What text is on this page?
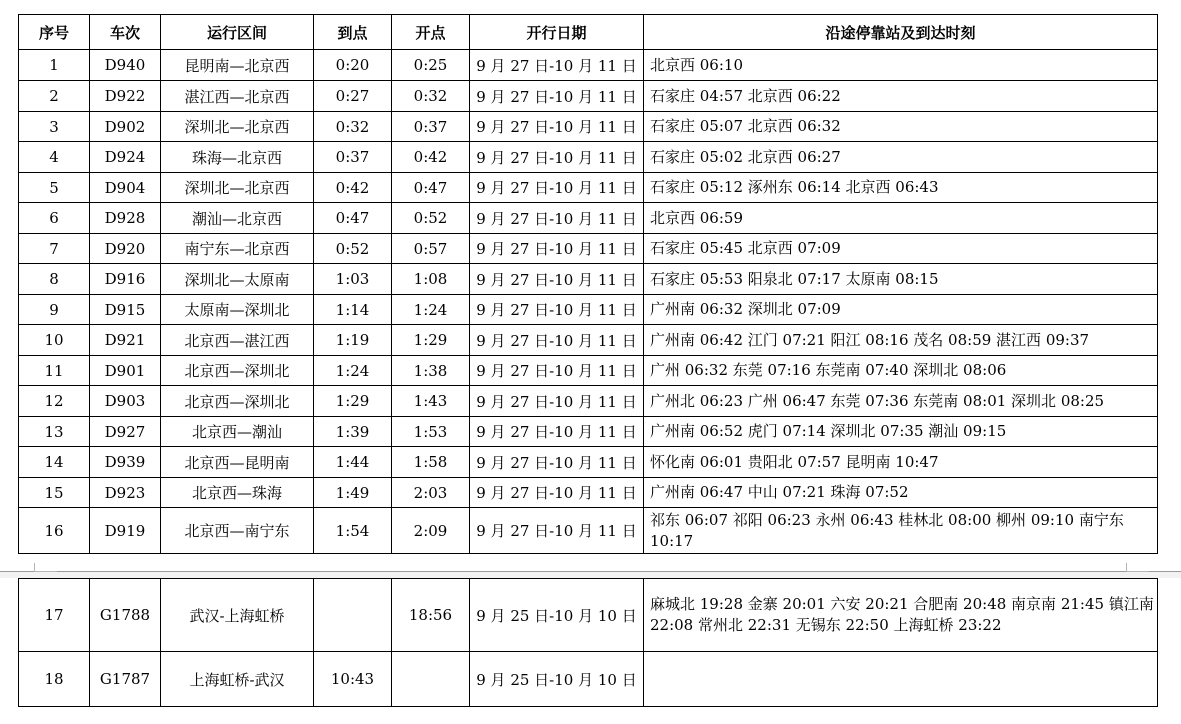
序号	车次	运行区间	到点	开点	开行日期	沿途停靠站及到达时刻
1	D940	昆明南—北京西	0:20	0:25	9 月 27 日-10 月 11 日	北京西 06:10
2	D922	湛江西—北京西	0:27	0:32	9 月 27 日-10 月 11 日	石家庄 04:57 北京西 06:22
3	D902	深圳北—北京西	0:32	0:37	9 月 27 日-10 月 11 日	石家庄 05:07 北京西 06:32
4	D924	珠海—北京西	0:37	0:42	9 月 27 日-10 月 11 日	石家庄 05:02 北京西 06:27
5	D904	深圳北—北京西	0:42	0:47	9 月 27 日-10 月 11 日	石家庄 05:12 涿州东 06:14 北京西 06:43
6	D928	潮汕—北京西	0:47	0:52	9 月 27 日-10 月 11 日	北京西 06:59
7	D920	南宁东—北京西	0:52	0:57	9 月 27 日-10 月 11 日	石家庄 05:45 北京西 07:09
8	D916	深圳北—太原南	1:03	1:08	9 月 27 日-10 月 11 日	石家庄 05:53 阳泉北 07:17 太原南 08:15
9	D915	太原南—深圳北	1:14	1:24	9 月 27 日-10 月 11 日	广州南 06:32 深圳北 07:09
10	D921	北京西—湛江西	1:19	1:29	9 月 27 日-10 月 11 日	广州南 06:42 江门 07:21 阳江 08:16 茂名 08:59 湛江西 09:37
11	D901	北京西—深圳北	1:24	1:38	9 月 27 日-10 月 11 日	广州 06:32 东莞 07:16 东莞南 07:40 深圳北 08:06
12	D903	北京西—深圳北	1:29	1:43	9 月 27 日-10 月 11 日	广州北 06:23 广州 06:47 东莞 07:36 东莞南 08:01 深圳北 08:25
13	D927	北京西—潮汕	1:39	1:53	9 月 27 日-10 月 11 日	广州南 06:52 虎门 07:14 深圳北 07:35 潮汕 09:15
14	D939	北京西—昆明南	1:44	1:58	9 月 27 日-10 月 11 日	怀化南 06:01 贵阳北 07:57 昆明南 10:47
15	D923	北京西—珠海	1:49	2:03	9 月 27 日-10 月 11 日	广州南 06:47 中山 07:21 珠海 07:52
16	D919	北京西—南宁东	1:54	2:09	9 月 27 日-10 月 11 日	祁东 06:07 祁阳 06:23 永州 06:43 桂林北 08:00 柳州 09:10 南宁东 10:17
17	G1788	武汉-上海虹桥		18:56	9 月 25 日-10 月 10 日	麻城北 19:28 金寨 20:01 六安 20:21 合肥南 20:48 南京南 21:45 镇江南 22:08 常州北 22:31 无锡东 22:50 上海虹桥 23:22
18	G1787	上海虹桥-武汉	10:43		9 月 25 日-10 月 10 日	
